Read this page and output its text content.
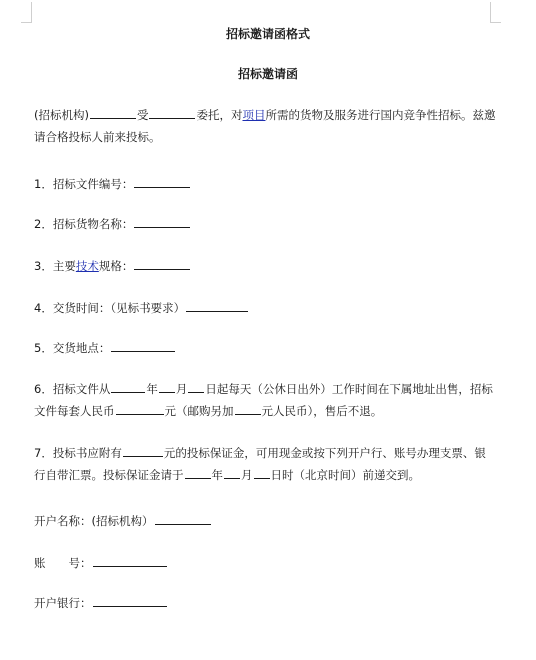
招标邀请函格式
招标邀请函
(招标机构)	受	委托，对项目所需的货物及服务进行国内竞争性招标。兹邀
请合格投标人前来投标。
1．招标文件编号：
2．招标货物名称：
3．主要技术规格：
4．交货时间：（见标书要求）
5．交货地点：
6．招标文件从	年 月 日起每天（公休日出外）工作时间在下属地址出售，招标
文件每套人民币	元（邮购另加 元人民币），售后不退。
7．投标书应附有	元的投标保证金，可用现金或按下列开户行、账号办理支票、银
行自带汇票。投标保证金请于 年 月 日时（北京时间）前递交到。
开户名称：(招标机构）
账　　号：
开户银行：
